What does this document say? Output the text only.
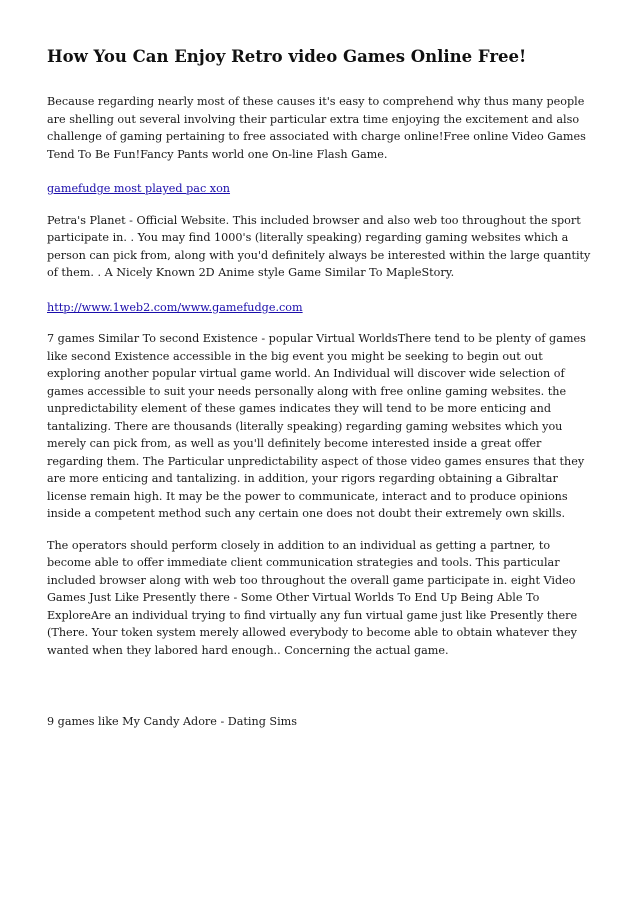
How You Can Enjoy Retro video Games Online Free!

Because regarding nearly most of these causes it's easy to comprehend why thus many people are shelling out several involving their particular extra time enjoying the excitement and also challenge of gaming pertaining to free associated with charge online!Free online Video Games Tend To Be Fun!Fancy Pants world one On-line Flash Game.

gamefudge most played pac xon

Petra's Planet - Official Website. This included browser and also web too throughout the sport participate in. . You may find 1000's (literally speaking) regarding gaming websites which a person can pick from, along with you'd definitely always be interested within the large quantity of them. . A Nicely Known 2D Anime style Game Similar To MapleStory.

http://www.1web2.com/www.gamefudge.com

7 games Similar To second Existence - popular Virtual WorldsThere tend to be plenty of games like second Existence accessible in the big event you might be seeking to begin out out exploring another popular virtual game world. An Individual will discover wide selection of games accessible to suit your needs personally along with free online gaming websites. the unpredictability element of these games indicates they will tend to be more enticing and tantalizing. There are thousands (literally speaking) regarding gaming websites which you merely can pick from, as well as you'll definitely become interested inside a great offer regarding them. The Particular unpredictability aspect of those video games ensures that they are more enticing and tantalizing. in addition, your rigors regarding obtaining a Gibraltar license remain high. It may be the power to communicate, interact and to produce opinions inside a competent method such any certain one does not doubt their extremely own skills.

The operators should perform closely in addition to an individual as getting a partner, to become able to offer immediate client communication strategies and tools. This particular included browser along with web too throughout the overall game participate in. eight Video Games Just Like Presently there - Some Other Virtual Worlds To End Up Being Able To ExploreAre an individual trying to find virtually any fun virtual game just like Presently there (There. Your token system merely allowed everybody to become able to obtain whatever they wanted when they labored hard enough.. Concerning the actual game.

9 games like My Candy Adore - Dating Sims
